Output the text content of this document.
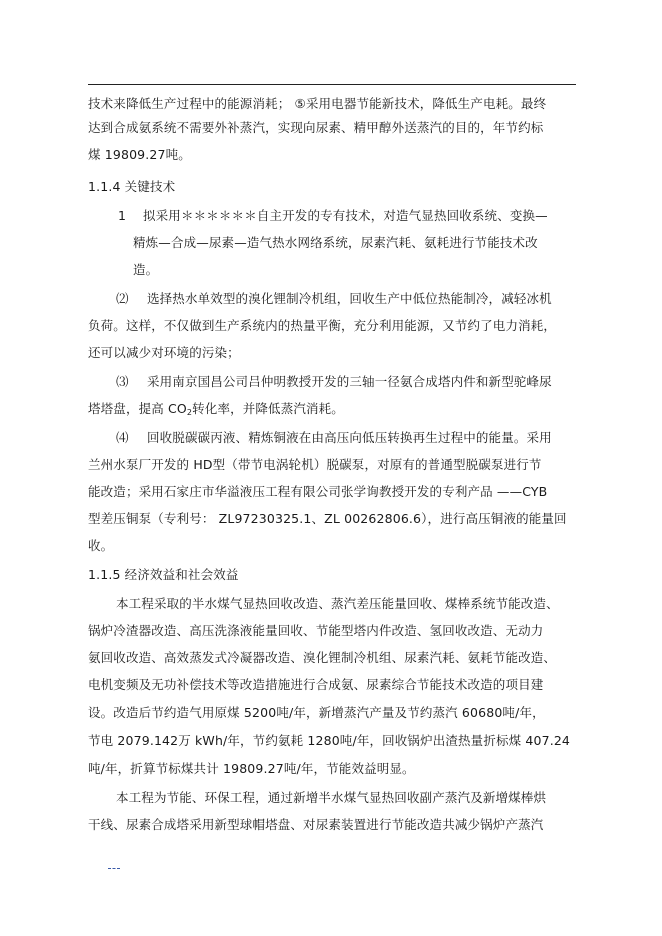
技术来降低生产过程中的能源消耗； ⑤采用电器节能新技术，降低生产电耗。最终
达到合成氨系统不需要外补蒸汽，实现向尿素、精甲醇外送蒸汽的目的，年节约标
煤 19809.27吨。
1.1.4 关键技术
1 拟采用＊＊＊＊＊＊自主开发的专有技术，对造气显热回收系统、变换—
精炼—合成—尿素—造气热水网络系统，尿素汽耗、氨耗进行节能技术改
造。
⑵ 选择热水单效型的溴化锂制冷机组，回收生产中低位热能制冷，减轻冰机
负荷。这样，不仅做到生产系统内的热量平衡，充分利用能源，又节约了电力消耗，
还可以减少对环境的污染；
⑶ 采用南京国昌公司吕仲明教授开发的三轴一径氨合成塔内件和新型驼峰尿
塔塔盘，提高 $CO_2$转化率，并降低蒸汽消耗。
⑷ 回收脱碳碳丙液、精炼铜液在由高压向低压转换再生过程中的能量。采用
兰州水泵厂开发的 HD型（带节电涡轮机）脱碳泵，对原有的普通型脱碳泵进行节
能改造；采用石家庄市华溢液压工程有限公司张学询教授开发的专利产品 ——CYB
型差压铜泵（专利号： ZL97230325.1、ZL 00262806.6），进行高压铜液的能量回
收。
1.1.5 经济效益和社会效益
本工程采取的半水煤气显热回收改造、蒸汽差压能量回收、煤棒系统节能改造、
锅炉冷渣器改造、高压洗涤液能量回收、节能型塔内件改造、氢回收改造、无动力
氨回收改造、高效蒸发式冷凝器改造、溴化锂制冷机组、尿素汽耗、氨耗节能改造、
电机变频及无功补偿技术等改造措施进行合成氨、尿素综合节能技术改造的项目建
设。改造后节约造气用原煤 5200吨/年，新增蒸汽产量及节约蒸汽 60680吨/年，
节电 2079.142万 kWh/年，节约氨耗 1280吨/年，回收锅炉出渣热量折标煤 407.24
吨/年，折算节标煤共计 19809.27吨/年，节能效益明显。
本工程为节能、环保工程，通过新增半水煤气显热回收副产蒸汽及新增煤棒烘
干线、尿素合成塔采用新型球帽塔盘、对尿素装置进行节能改造共减少锅炉产蒸汽
